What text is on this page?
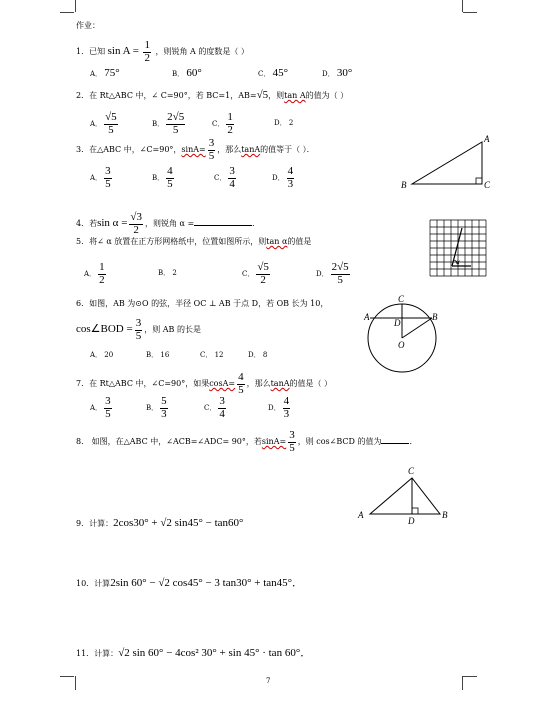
作业：
1．已知 $\sin A = \frac{1}{2}$ ，则锐角 A 的度数是（ ）
A． 75°	B． 60°	C． 45°	D． 30°
2．在 Rt△ABC 中，∠ C=90°，若 BC=1，AB=√5，则tan A的值为（ ）
A． $\frac{√5}{5}$	B． $\frac{2√5}{5}$	C． $\frac{1}{2}$	D． 2
3．在△ABC 中，∠C=90°，$\sin A= \frac{3}{5}$ ，那么tanA的值等于（ ）．
A． $\frac{3}{5}$	B． $\frac{4}{5}$	C． $\frac{3}{4}$	D． $\frac{4}{3}$
A
B	C
4．若$\sin \alpha = \frac{√3}{2}$ ，则锐角 α =	．
5．将∠ α 放置在正方形网格纸中，位置如图所示，则tan α的值是
A． $\frac{1}{2}$	B． 2	C． $\frac{√5}{2}$	D． $\frac{2√5}{5}$	α
6．如图，AB 为⊙O 的弦，半径 OC ⊥ AB 于点 D，若 OB 长为 10，
cos∠BOD = $\frac{3}{5}$ ，则 AB 的长是
A． 20	B． 16	C． 12	D． 8
C
A	B
D
O
7．在 Rt△ABC 中，∠C=90°，如果$\cos A= \frac{4}{5}$ ，那么tanA的值是（ ）
A． $\frac{3}{5}$	B． $\frac{5}{3}$	C． $\frac{3}{4}$	D． $\frac{4}{3}$
8． 如图，在△ABC 中，∠ACB=∠ADC= 90°，若$\sin A= \frac{3}{5}$ ，则 cos∠BCD 的值为	．
C
A	B
D
9．计算：2cos30° + √2 sin45° − tan60°
10．计算2sin 60° − √2 cos45° − 3 tan30° + tan45°．
11．计算：√2 sin 60° − 4cos² 30° + sin 45° · tan 60°．
7
